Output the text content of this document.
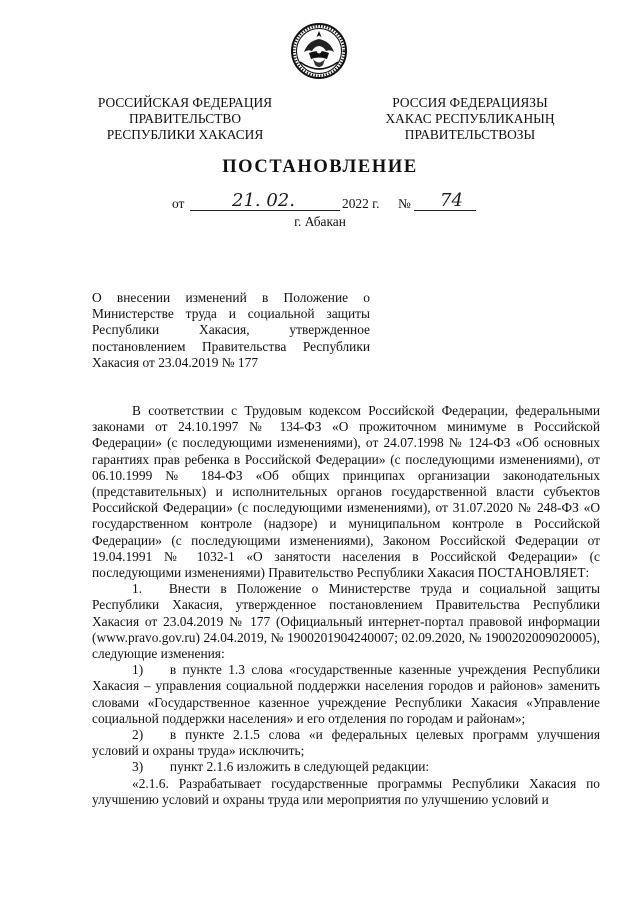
РОССИЙСКАЯ ФЕДЕРАЦИЯ
ПРАВИТЕЛЬСТВО
РЕСПУБЛИКИ ХАКАСИЯ
РОССИЯ ФЕДЕРАЦИЯЗЫ
ХАКАС РЕСПУБЛИКАНЫҢ
ПРАВИТЕЛЬСТВОЗЫ
ПОСТАНОВЛЕНИЕ
от	21. 02.	2022 г. № 74
г. Абакан
О внесении изменений в Положение о
Министерстве труда и социальной защиты
Республики Хакасия, утвержденное
постановлением Правительства Республики
Хакасия от 23.04.2019 № 177

В соответствии с Трудовым кодексом Российской Федерации, федеральными законами от 24.10.1997 № 134-ФЗ «О прожиточном минимуме в Российской Федерации» (с последующими изменениями), от 24.07.1998 № 124-ФЗ «Об основных гарантиях прав ребенка в Российской Федерации» (с последующими изменениями), от 06.10.1999 № 184-ФЗ «Об общих принципах организации законодательных (представительных) и исполнительных органов государственной власти субъектов Российской Федерации» (с последующими изменениями), от 31.07.2020 № 248-ФЗ «О государственном контроле (надзоре) и муниципальном контроле в Российской Федерации» (с последующими изменениями), Законом Российской Федерации от 19.04.1991 № 1032-1 «О занятости населения в Российской Федерации» (с последующими изменениями) Правительство Республики Хакасия ПОСТАНОВЛЯЕТ:

1.  Внести в Положение о Министерстве труда и социальной защиты Республики Хакасия, утвержденное постановлением Правительства Республики Хакасия от 23.04.2019 № 177 (Официальный интернет-портал правовой информации (www.pravo.gov.ru) 24.04.2019, № 1900201904240007; 02.09.2020, № 1900202009020005), следующие изменения:

1)  в пункте 1.3 слова «государственные казенные учреждения Республики Хакасия – управления социальной поддержки населения городов и районов» заменить словами «Государственное казенное учреждение Республики Хакасия «Управление социальной поддержки населения» и его отделения по городам и районам»;

2)  в пункте 2.1.5 слова «и федеральных целевых программ улучшения условий и охраны труда» исключить;

3)  пункт 2.1.6 изложить в следующей редакции:

«2.1.6. Разрабатывает государственные программы Республики Хакасия по улучшению условий и охраны труда или мероприятия по улучшению условий и
